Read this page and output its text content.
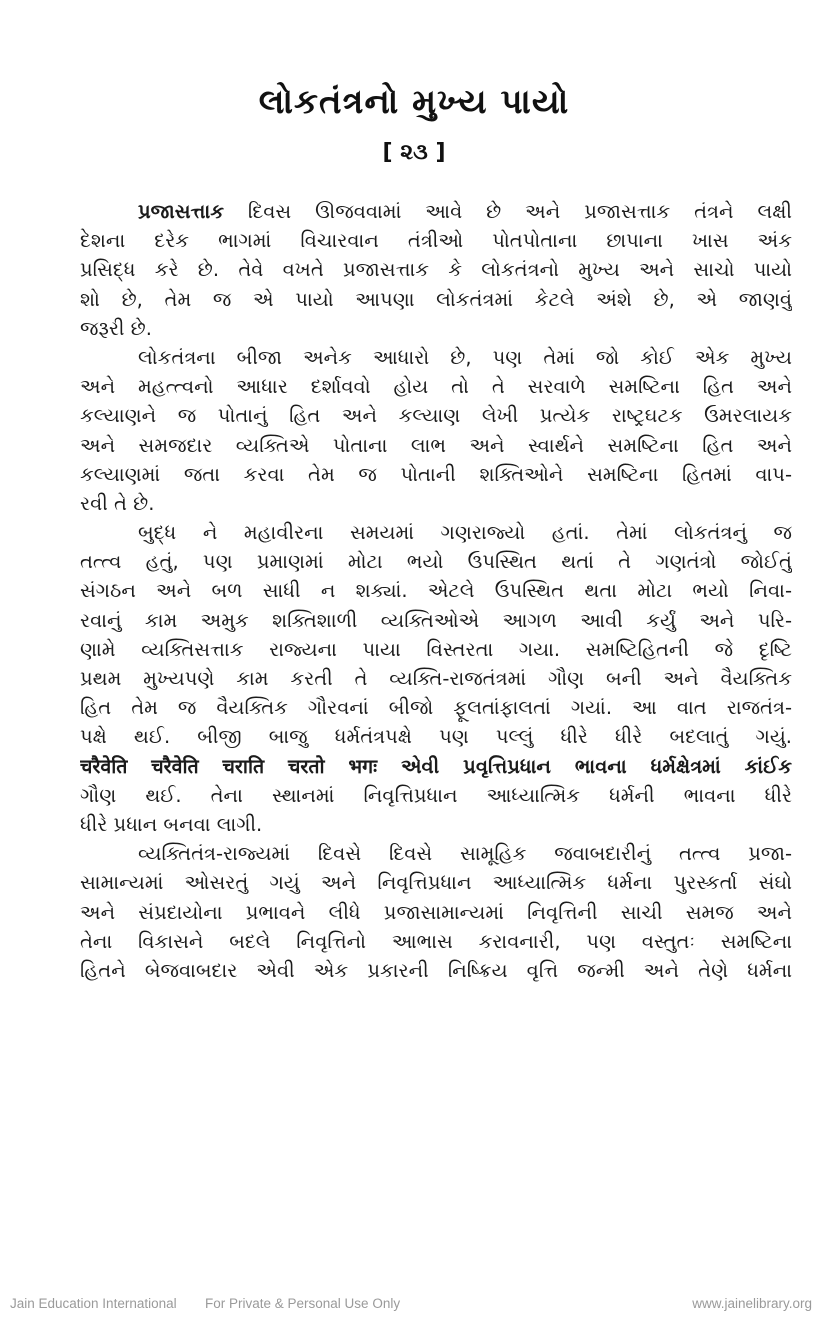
લોકતંત્રનો મુખ્ય પાયો
[ ૨૩ ]
પ્રજાસત્તાક દિવસ ઊજવવામાં આવે છે અને પ્રજાસત્તાક તંત્રને લક્ષી
દેશના દરેક ભાગમાં વિચારવાન તંત્રીઓ પોતપોતાના છાપાના ખાસ અંક
પ્રસિદ્ધ કરે છે. તેવે વખતે પ્રજાસત્તાક કે લોકતંત્રનો મુખ્ય અને સાચો પાયો
શો છે, તેમ જ એ પાયો આપણા લોકતંત્રમાં કેટલે અંશે છે, એ જાણવું
જરૂરી છે.
લોકતંત્રના બીજા અનેક આધારો છે, પણ તેમાં જો કોઈ એક મુખ્ય
અને મહત્ત્વનો આધાર દર્શાવવો હોય તો તે સરવાળે સમષ્ટિના હિત અને
કલ્યાણને જ પોતાનું હિત અને કલ્યાણ લેખી પ્રત્યેક રાષ્ટ્રઘટક ઉમરલાયક
અને સમજદાર વ્યક્તિએ પોતાના લાભ અને સ્વાર્થને સમષ્ટિના હિત અને
કલ્યાણમાં જતા કરવા તેમ જ પોતાની શક્તિઓને સમષ્ટિના હિતમાં વાપ-
રવી તે છે.
બુદ્ધ ને મહાવીરના સમયમાં ગણરાજ્યો હતાં. તેમાં લોકતંત્રનું જ
તત્ત્વ હતું, પણ પ્રમાણમાં મોટા ભયો ઉપસ્થિત થતાં તે ગણતંત્રો જોઈતું
સંગઠન અને બળ સાધી ન શક્યાં. એટલે ઉપસ્થિત થતા મોટા ભયો નિવા-
રવાનું કામ અમુક શક્તિશાળી વ્યક્તિઓએ આગળ આવી કર્યું અને પરિ-
ણામે વ્યક્તિસત્તાક રાજ્યના પાયા વિસ્તરતા ગયા. સમષ્ટિહિતની જે દૃષ્ટિ
પ્રથમ મુખ્યપણે કામ કરતી તે વ્યક્તિ-રાજતંત્રમાં ગૌણ બની અને વૈયક્તિક
હિત તેમ જ વૈયક્તિક ગૌરવનાં બીજો ફૂલતાંફાલતાં ગયાં. આ વાત રાજતંત્ર-
પક્ષે થઈ. બીજી બાજુ ધર્મતંત્રપક્ષે પણ પલ્લું ધીરે ધીરે બદલાતું ગયું.
चरैवेति चरैवेति चराति चरतो भगः એવી પ્રવૃત્તિપ્રધાન ભાવના ધર્મક્ષેત્રમાં કાંઈક
ગૌણ થઈ. તેના સ્થાનમાં નિવૃત્તિપ્રધાન આધ્યાત્મિક ધર્મની ભાવના ધીરે
ધીરે પ્રધાન બનવા લાગી.
વ્યક્તિતંત્ર-રાજ્યમાં દિવસે દિવસે સામૂહિક જવાબદારીનું તત્ત્વ પ્રજા-
સામાન્યમાં ઓસરતું ગયું અને નિવૃત્તિપ્રધાન આધ્યાત્મિક ધર્મના પુરસ્કર્તા સંઘો
અને સંપ્રદાયોના પ્રભાવને લીધે પ્રજાસામાન્યમાં નિવૃત્તિની સાચી સમજ અને
તેના વિકાસને બદલે નિવૃત્તિનો આભાસ કરાવનારી, પણ વસ્તુતઃ સમષ્ટિના
હિતને બેજવાબદાર એવી એક પ્રકારની નિષ્ક્રિય વૃત્તિ જન્મી અને તેણે ધર્મના
Jain Education International For Private & Personal Use Only	www.jainelibrary.org
